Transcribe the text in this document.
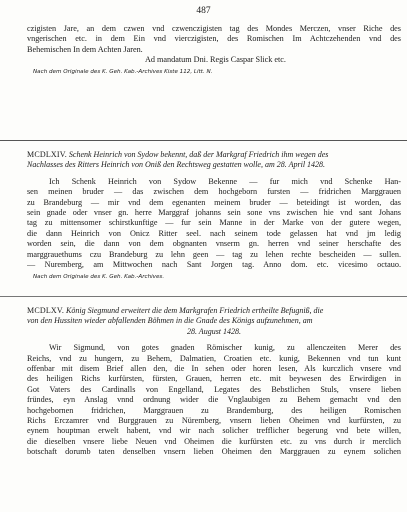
487
czigisten Jare, an dem czwen vnd czwenczigisten tag des Mondes Merczen, vnser Riche des
vngerischen etc. in dem Ein vnd vierczigisten, des Romischen Im Achtczehenden vnd des
Behemischen In dem Achten Jaren.
Ad mandatum Dni. Regis Caspar Slick etc.
Nach dem Originale des K. Geh. Kab.-Archives Kiste 112, Litt. N.
MCDLXIV. Schenk Heinrich von Sydow bekennt, daß der Markgraf Friedrich ihm wegen des
Nachlasses des Ritters Heinrich von Oniß den Rechtsweg gestatten wolle, am 28. April 1428.
Ich Schenk Heinrich von Sydow Bekenne — fur mich vnd Schenke Han-
sen meinen bruder — das zwischen dem hochgeborn fursten — fridrichen Marggrauen
zu Brandeburg — mir vnd dem egenanten meinem bruder — beteidingt ist worden, das
sein gnade oder vnser gn. herre Marggraf johanns sein sone vns zwischen hie vnd sant Johans
tag zu mittensomer schirstkunftige — fur sein Manne in der Marke von der gutere wegen,
die dann Heinrich von Onicz Ritter seel. nach seinem tode gelassen hat vnd jm ledig
worden sein, die dann von dem obgnanten vnserm gn. herren vnd seiner herschafte des
marggrauethums czu Brandeburg zu lehn geen — tag zu lehen rechte bescheiden — sullen.
— Nuremberg, am Mittwochen nach Sant Jorgen tag. Anno dom. etc. vicesimo octauo.
Nach dem Originale des K. Geh. Kab.-Archives.
MCDLXV. König Siegmund erweitert die dem Markgrafen Friedrich ertheilte Befugniß, die
von den Hussiten wieder abfallenden Böhmen in die Gnade des Königs aufzunehmen, am
28. August 1428.
Wir Sigmund, von gotes gnaden Römischer kunig, zu allenczeiten Merer des
Reichs, vnd zu hungern, zu Behem, Dalmatien, Croatien etc. kunig, Bekennen vnd tun kunt
offenbar mit disem Brief allen den, die In sehen oder horen lesen, Als kurczlich vnsere vnd
des heiligen Richs kurfürsten, fürsten, Grauen, herren etc. mit beywesen des Erwirdigen in
Got Vaters des Cardinalls von Engelland, Legates des Bebstlichen Stuls, vnsere lieben
fründes, eyn Anslag vnnd ordnung wider die Vnglaubigen zu Behem gemacht vnd den
hochgebornen fridrichen, Marggrauen zu Brandemburg, des heiligen Romischen
Richs Erczamrer vnd Burggrauen zu Nüremberg, vnsern lieben Oheimen vnd kurfürsten, zu
eynem houptman erwelt habent, vnd wir nach solicher trefflicher begerung vnd bete willen,
die dieselben vnsere liebe Neuen vnd Oheimen die kurfürsten etc. zu vns durch ir merclich
botschaft dorumb taten denselben vnsern lieben Oheimen den Marggrauen zu eynem solichen
